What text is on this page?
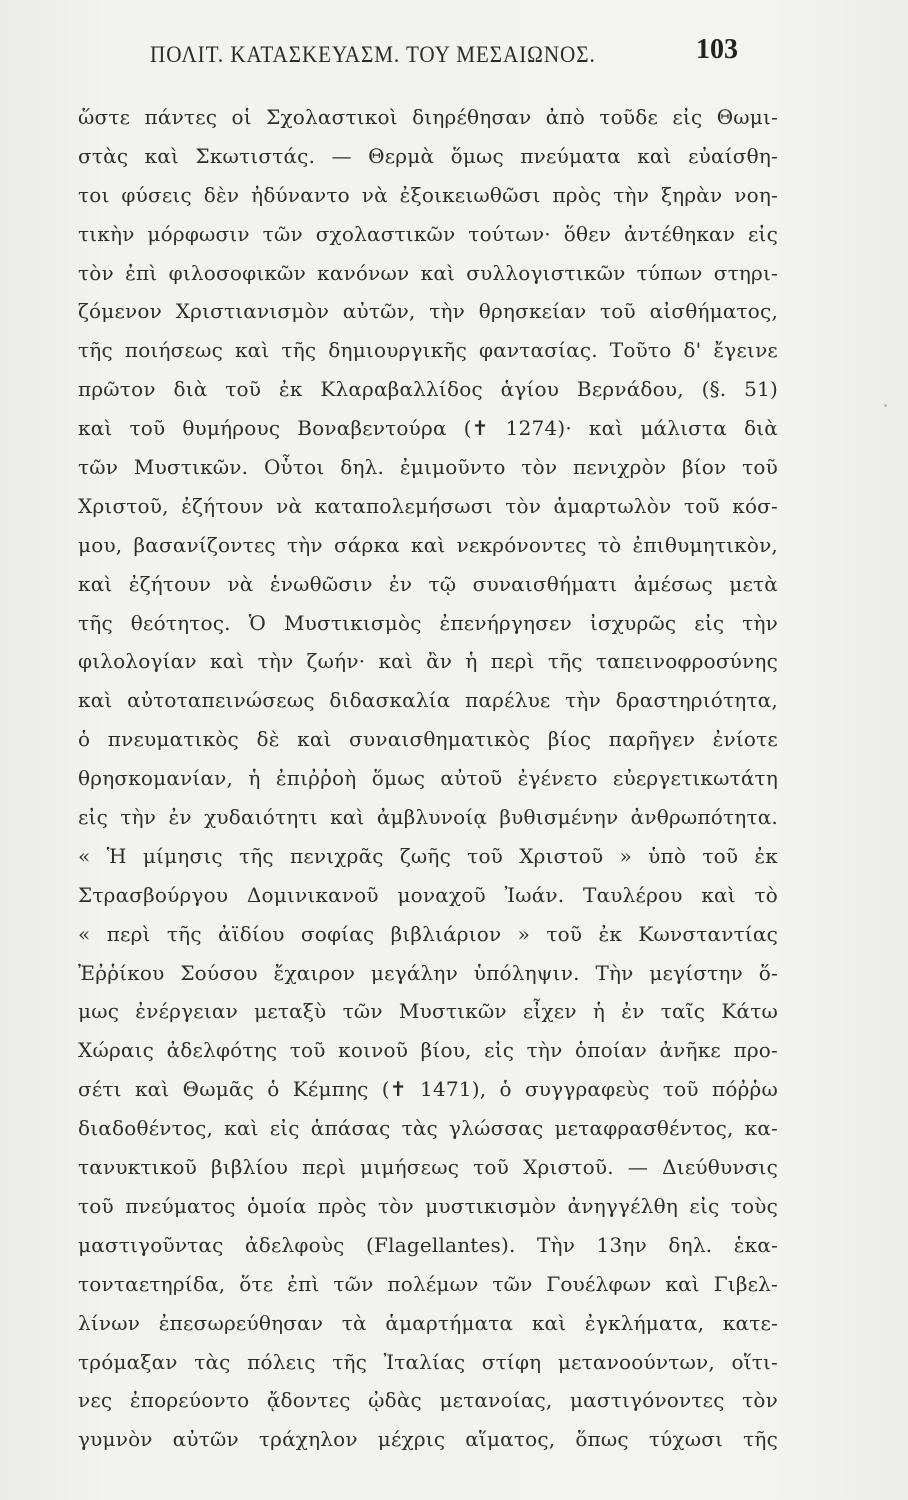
ΠΟΛΙΤ. ΚΑΤΑΣΚΕΥΑΣΜ. ΤΟΥ ΜΕΣΑΙΩΝΟΣ.	103
ὥστε πάντες οἱ Σχολαστικοὶ διηρέθησαν ἀπὸ τοῦδε εἰς Θωμι-
στὰς καὶ Σκωτιστάς. — Θερμὰ ὅμως πνεύματα καὶ εὐαίσθη-
τοι φύσεις δὲν ἠδύναντο νὰ ἐξοικειωθῶσι πρὸς τὴν ξηρὰν νοη-
τικὴν μόρφωσιν τῶν σχολαστικῶν τούτων· ὅθεν ἀντέθηκαν εἰς
τὸν ἐπὶ φιλοσοφικῶν κανόνων καὶ συλλογιστικῶν τύπων στηρι-
ζόμενον Χριστιανισμὸν αὐτῶν, τὴν θρησκείαν τοῦ αἰσθήματος,
τῆς ποιήσεως καὶ τῆς δημιουργικῆς φαντασίας. Τοῦτο δ' ἔγεινε
πρῶτον διὰ τοῦ ἐκ Κλαραβαλλίδος ἁγίου Βερνάδου, (§. 51)
καὶ τοῦ θυμήρους Βοναβεντούρα (✝ 1274)· καὶ μάλιστα διὰ
τῶν Μυστικῶν. Οὗτοι δηλ. ἐμιμοῦντο τὸν πενιχρὸν βίον τοῦ
Χριστοῦ, ἐζήτουν νὰ καταπολεμήσωσι τὸν ἁμαρτωλὸν τοῦ κόσ-
μου, βασανίζοντες τὴν σάρκα καὶ νεκρόνοντες τὸ ἐπιθυμητικὸν,
καὶ ἐζήτουν νὰ ἑνωθῶσιν ἐν τῷ συναισθήματι ἀμέσως μετὰ
τῆς θεότητος. Ὁ Μυστικισμὸς ἐπενήργησεν ἰσχυρῶς εἰς τὴν
φιλολογίαν καὶ τὴν ζωήν· καὶ ἂν ἡ περὶ τῆς ταπεινοφροσύνης
καὶ αὐτοταπεινώσεως διδασκαλία παρέλυε τὴν δραστηριότητα,
ὁ πνευματικὸς δὲ καὶ συναισθηματικὸς βίος παρῆγεν ἐνίοτε
θρησκομανίαν, ἡ ἐπιῤῥοὴ ὅμως αὐτοῦ ἐγένετο εὐεργετικωτάτη
εἰς τὴν ἐν χυδαιότητι καὶ ἀμβλυνοίᾳ βυθισμένην ἀνθρωπότητα.
« Ἡ μίμησις τῆς πενιχρᾶς ζωῆς τοῦ Χριστοῦ » ὑπὸ τοῦ ἐκ
Στρασβούργου Δομινικανοῦ μοναχοῦ Ἰωάν. Ταυλέρου καὶ τὸ
« περὶ τῆς ἀϊδίου σοφίας βιβλιάριον » τοῦ ἐκ Κωνσταντίας
Ἐῤῥίκου Σούσου ἔχαιρον μεγάλην ὑπόληψιν. Τὴν μεγίστην ὅ-
μως ἐνέργειαν μεταξὺ τῶν Μυστικῶν εἶχεν ἡ ἐν ταῖς Κάτω
Χώραις ἀδελφότης τοῦ κοινοῦ βίου, εἰς τὴν ὁποίαν ἀνῆκε προ-
σέτι καὶ Θωμᾶς ὁ Κέμπης (✝ 1471), ὁ συγγραφεὺς τοῦ πόῤῥω
διαδοθέντος, καὶ εἰς ἁπάσας τὰς γλώσσας μεταφρασθέντος, κα-
τανυκτικοῦ βιβλίου περὶ μιμήσεως τοῦ Χριστοῦ. — Διεύθυνσις
τοῦ πνεύματος ὁμοία πρὸς τὸν μυστικισμὸν ἀνηγγέλθη εἰς τοὺς
μαστιγοῦντας ἀδελφοὺς (Flagellantes). Τὴν 13ην δηλ. ἑκα-
τονταετηρίδα, ὅτε ἐπὶ τῶν πολέμων τῶν Γουέλφων καὶ Γιβελ-
λίνων ἐπεσωρεύθησαν τὰ ἁμαρτήματα καὶ ἐγκλήματα, κατε-
τρόμαξαν τὰς πόλεις τῆς Ἰταλίας στίφη μετανοούντων, οἵτι-
νες ἐπορεύοντο ᾄδοντες ᾠδὰς μετανοίας, μαστιγόνοντες τὸν
γυμνὸν αὐτῶν τράχηλον μέχρις αἵματος, ὅπως τύχωσι τῆς
